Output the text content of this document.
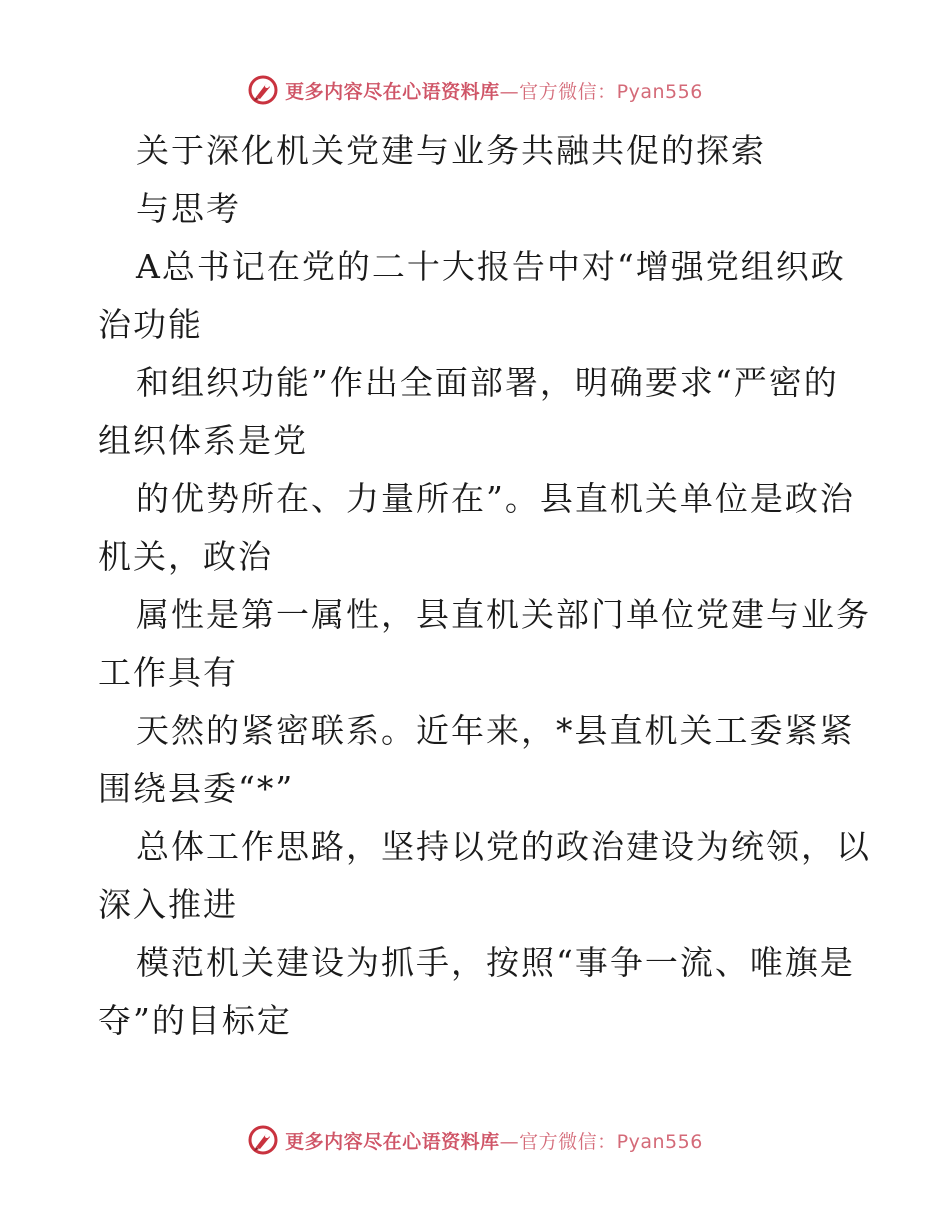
更多内容尽在心语资料库—官方微信：Pyan556
关于深化机关党建与业务共融共促的探索
与思考
A总书记在党的二十大报告中对“增强党组织政
治功能
和组织功能”作出全面部署，明确要求“严密的
组织体系是党
的优势所在、力量所在”。县直机关单位是政治
机关，政治
属性是第一属性，县直机关部门单位党建与业务
工作具有
天然的紧密联系。近年来，*县直机关工委紧紧
围绕县委“*”
总体工作思路，坚持以党的政治建设为统领，以
深入推进
模范机关建设为抓手，按照“事争一流、唯旗是
夺”的目标定
更多内容尽在心语资料库—官方微信：Pyan556
